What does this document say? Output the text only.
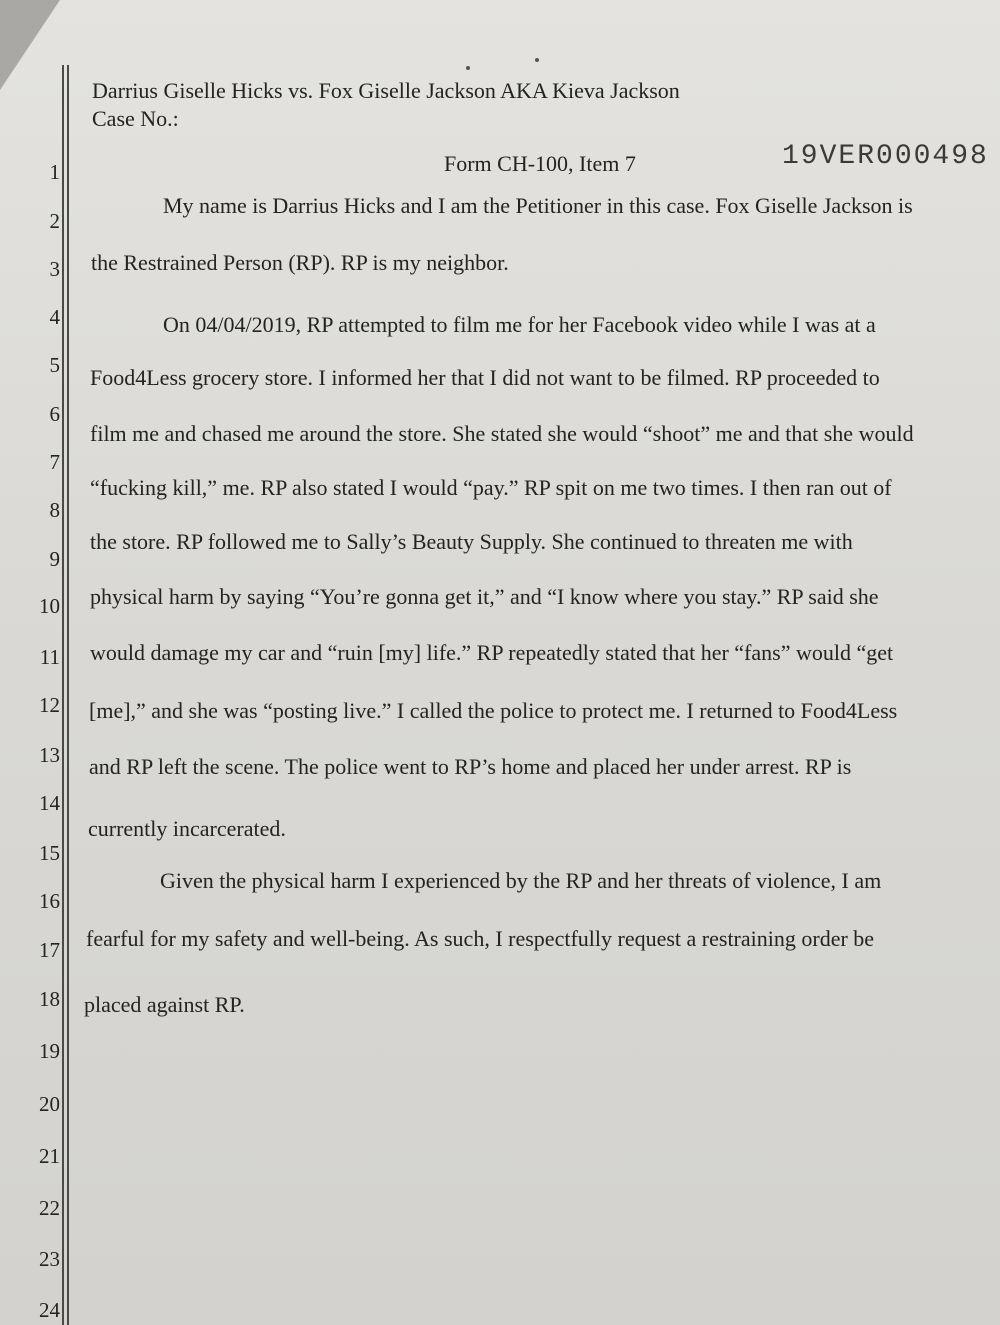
1
2
3
4
5
6
7
8
9
10
11
12
13
14
15
16
17
18
19
20
21
22
23
24
Darrius Giselle Hicks vs. Fox Giselle Jackson AKA Kieva Jackson
Case No.:
Form CH-100, Item 7	19VER000498
My name is Darrius Hicks and I am the Petitioner in this case. Fox Giselle Jackson is
the Restrained Person (RP). RP is my neighbor.
On 04/04/2019, RP attempted to film me for her Facebook video while I was at a
Food4Less grocery store. I informed her that I did not want to be filmed. RP proceeded to
film me and chased me around the store. She stated she would “shoot” me and that she would
“fucking kill,” me. RP also stated I would “pay.” RP spit on me two times. I then ran out of
the store. RP followed me to Sally’s Beauty Supply. She continued to threaten me with
physical harm by saying “You’re gonna get it,” and “I know where you stay.” RP said she
would damage my car and “ruin [my] life.” RP repeatedly stated that her “fans” would “get
[me],” and she was “posting live.” I called the police to protect me. I returned to Food4Less
and RP left the scene. The police went to RP’s home and placed her under arrest. RP is
currently incarcerated.
Given the physical harm I experienced by the RP and her threats of violence, I am
fearful for my safety and well-being. As such, I respectfully request a restraining order be
placed against RP.
